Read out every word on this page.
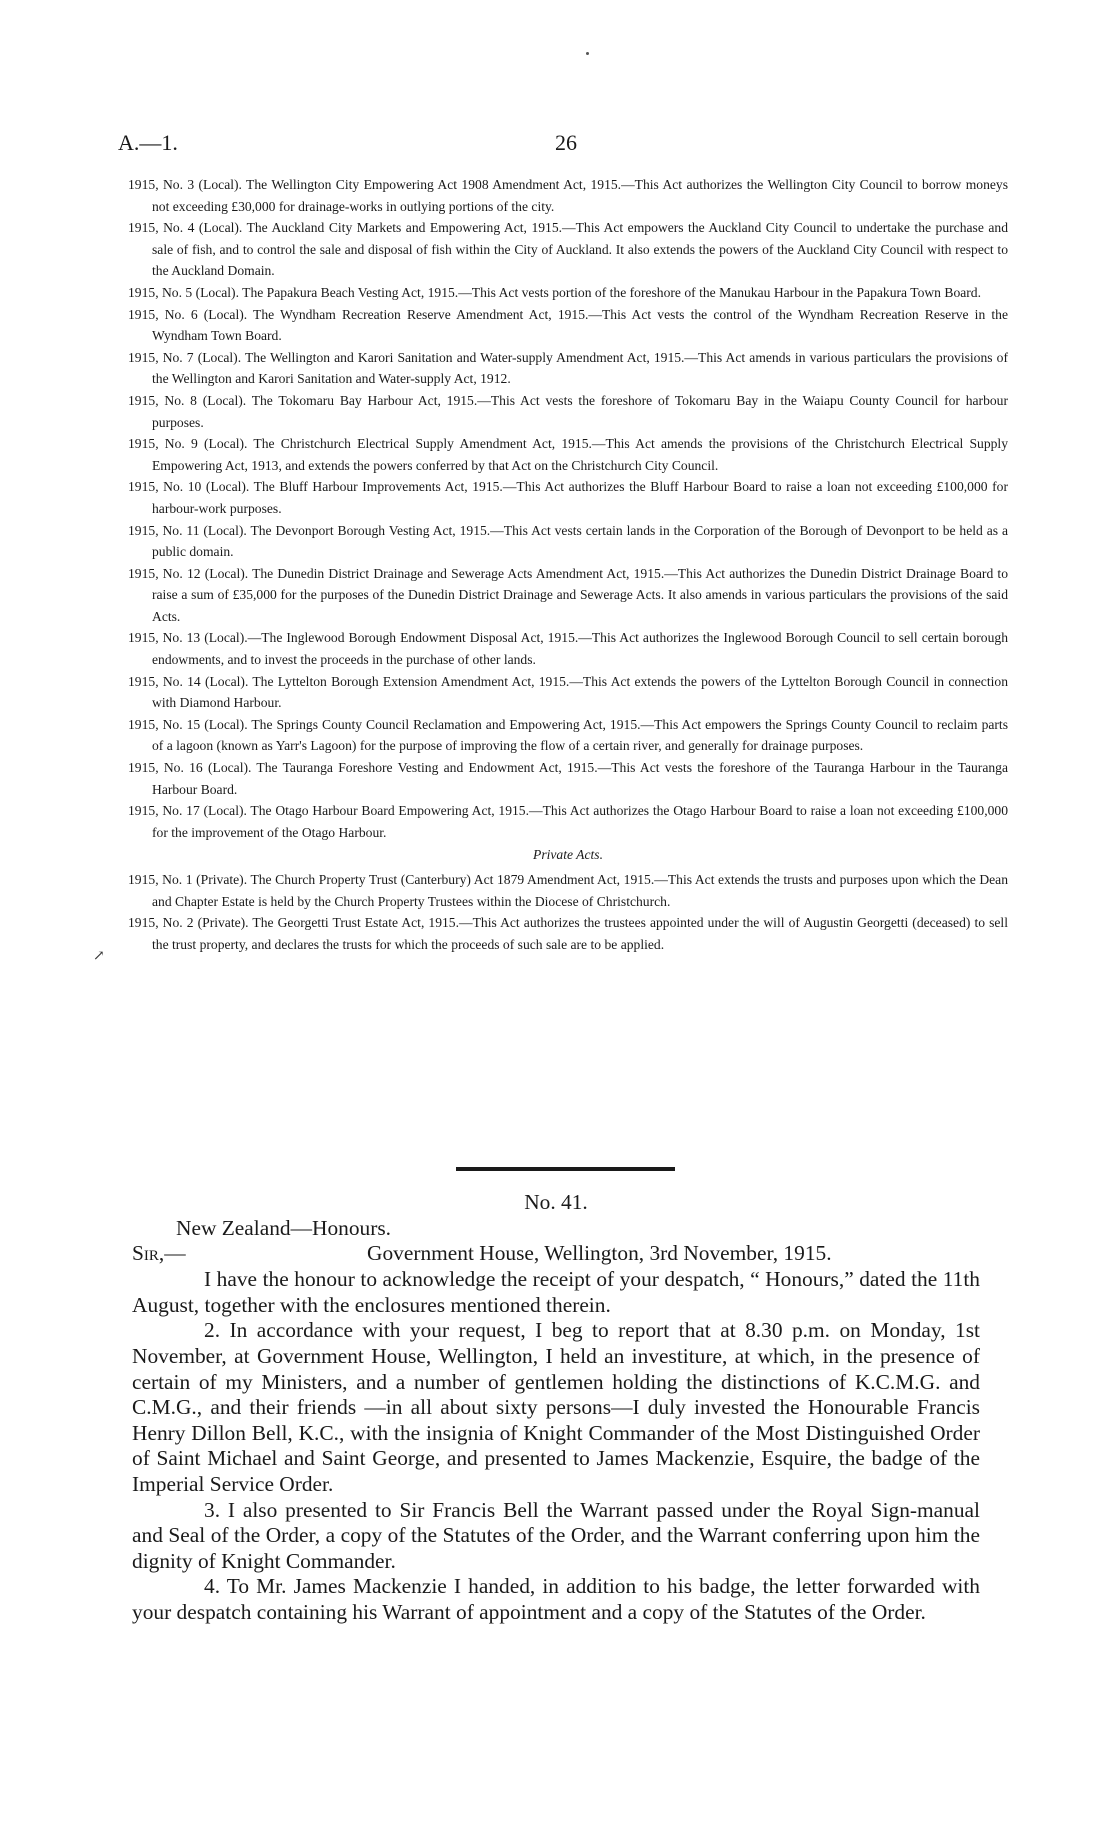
A.—1.	26

1915, No. 3 (Local). The Wellington City Empowering Act 1908 Amendment Act, 1915.—This Act authorizes the Wellington City Council to borrow moneys not exceeding £30,000 for drainage-works in outlying portions of the city.

1915, No. 4 (Local). The Auckland City Markets and Empowering Act, 1915.—This Act empowers the Auckland City Council to undertake the purchase and sale of fish, and to control the sale and disposal of fish within the City of Auckland. It also extends the powers of the Auckland City Council with respect to the Auckland Domain.

1915, No. 5 (Local). The Papakura Beach Vesting Act, 1915.—This Act vests portion of the foreshore of the Manukau Harbour in the Papakura Town Board.

1915, No. 6 (Local). The Wyndham Recreation Reserve Amendment Act, 1915.—This Act vests the control of the Wyndham Recreation Reserve in the Wyndham Town Board.

1915, No. 7 (Local). The Wellington and Karori Sanitation and Water-supply Amendment Act, 1915.—This Act amends in various particulars the provisions of the Wellington and Karori Sanitation and Water-supply Act, 1912.

1915, No. 8 (Local). The Tokomaru Bay Harbour Act, 1915.—This Act vests the foreshore of Tokomaru Bay in the Waiapu County Council for harbour purposes.

1915, No. 9 (Local). The Christchurch Electrical Supply Amendment Act, 1915.—This Act amends the provisions of the Christchurch Electrical Supply Empowering Act, 1913, and extends the powers conferred by that Act on the Christchurch City Council.

1915, No. 10 (Local). The Bluff Harbour Improvements Act, 1915.—This Act authorizes the Bluff Harbour Board to raise a loan not exceeding £100,000 for harbour-work purposes.

1915, No. 11 (Local). The Devonport Borough Vesting Act, 1915.—This Act vests certain lands in the Corporation of the Borough of Devonport to be held as a public domain.

1915, No. 12 (Local). The Dunedin District Drainage and Sewerage Acts Amendment Act, 1915.—This Act authorizes the Dunedin District Drainage Board to raise a sum of £35,000 for the purposes of the Dunedin District Drainage and Sewerage Acts. It also amends in various particulars the provisions of the said Acts.

1915, No. 13 (Local).—The Inglewood Borough Endowment Disposal Act, 1915.—This Act authorizes the Inglewood Borough Council to sell certain borough endowments, and to invest the proceeds in the purchase of other lands.

1915, No. 14 (Local). The Lyttelton Borough Extension Amendment Act, 1915.—This Act extends the powers of the Lyttelton Borough Council in connection with Diamond Harbour.

1915, No. 15 (Local). The Springs County Council Reclamation and Empowering Act, 1915.—This Act empowers the Springs County Council to reclaim parts of a lagoon (known as Yarr's Lagoon) for the purpose of improving the flow of a certain river, and generally for drainage purposes.

1915, No. 16 (Local). The Tauranga Foreshore Vesting and Endowment Act, 1915.—This Act vests the foreshore of the Tauranga Harbour in the Tauranga Harbour Board.

1915, No. 17 (Local). The Otago Harbour Board Empowering Act, 1915.—This Act authorizes the Otago Harbour Board to raise a loan not exceeding £100,000 for the improvement of the Otago Harbour.

Private Acts.

1915, No. 1 (Private). The Church Property Trust (Canterbury) Act 1879 Amendment Act, 1915.—This Act extends the trusts and purposes upon which the Dean and Chapter Estate is held by the Church Property Trustees within the Diocese of Christchurch.

1915, No. 2 (Private). The Georgetti Trust Estate Act, 1915.—This Act authorizes the trustees appointed under the will of Augustin Georgetti (deceased) to sell the trust property, and declares the trusts for which the proceeds of such sale are to be applied.

↗

No. 41.

New Zealand—Honours.

Sir,—	Government House, Wellington, 3rd November, 1915.

I have the honour to acknowledge the receipt of your despatch, “ Honours,” dated the 11th August, together with the enclosures mentioned therein.

2. In accordance with your request, I beg to report that at 8.30 p.m. on Monday, 1st November, at Government House, Wellington, I held an investiture, at which, in the presence of certain of my Ministers, and a number of gentlemen holding the distinctions of K.C.M.G. and C.M.G., and their friends —in all about sixty persons—I duly invested the Honourable Francis Henry Dillon Bell, K.C., with the insignia of Knight Commander of the Most Distinguished Order of Saint Michael and Saint George, and presented to James Mackenzie, Esquire, the badge of the Imperial Service Order.

3. I also presented to Sir Francis Bell the Warrant passed under the Royal Sign-manual and Seal of the Order, a copy of the Statutes of the Order, and the Warrant conferring upon him the dignity of Knight Commander.

4. To Mr. James Mackenzie I handed, in addition to his badge, the letter forwarded with your despatch containing his Warrant of appointment and a copy of the Statutes of the Order.
